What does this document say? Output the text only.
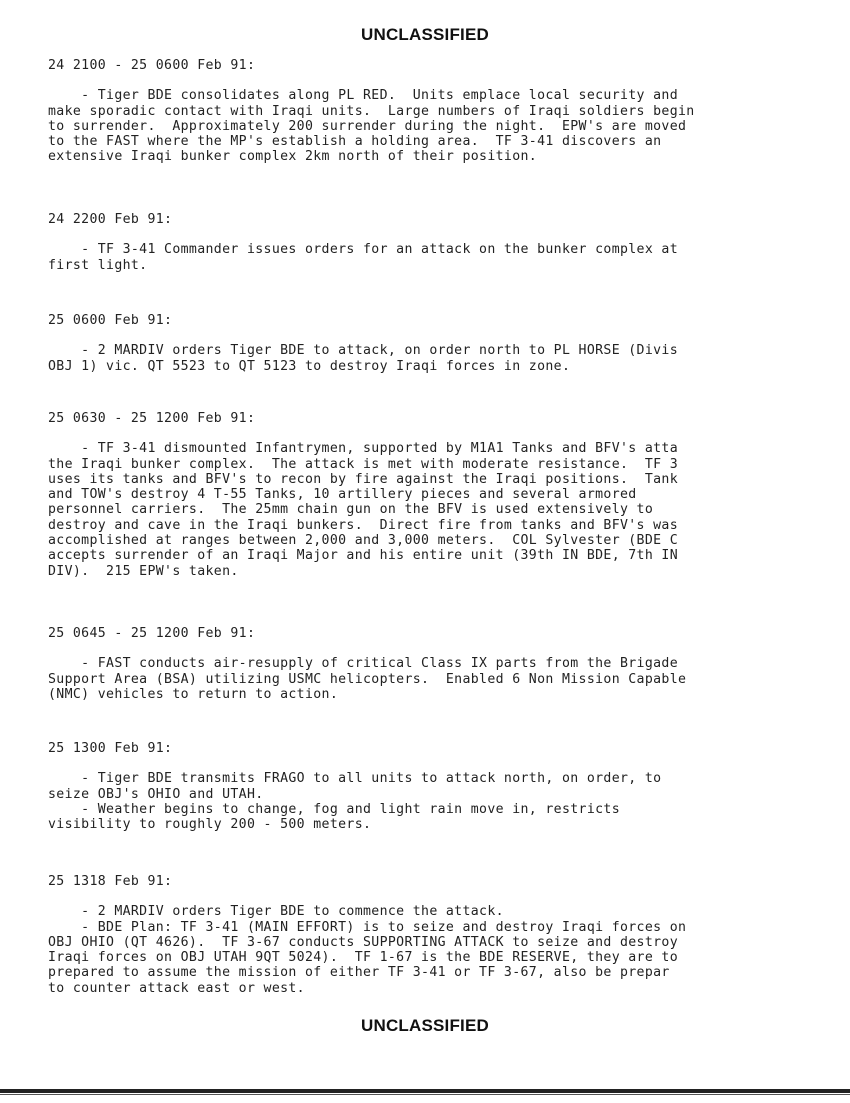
UNCLASSIFIED
24 2100 - 25 0600 Feb 91:
- Tiger BDE consolidates along PL RED.  Units emplace local security and
make sporadic contact with Iraqi units.  Large numbers of Iraqi soldiers begin
to surrender.  Approximately 200 surrender during the night.  EPW's are moved
to the FAST where the MP's establish a holding area.  TF 3-41 discovers an
extensive Iraqi bunker complex 2km north of their position.
24 2200 Feb 91:
- TF 3-41 Commander issues orders for an attack on the bunker complex at
first light.
25 0600 Feb 91:
- 2 MARDIV orders Tiger BDE to attack, on order north to PL HORSE (Divis
OBJ 1) vic. QT 5523 to QT 5123 to destroy Iraqi forces in zone.
25 0630 - 25 1200 Feb 91:
- TF 3-41 dismounted Infantrymen, supported by M1A1 Tanks and BFV's atta
the Iraqi bunker complex.  The attack is met with moderate resistance.  TF 3
uses its tanks and BFV's to recon by fire against the Iraqi positions.  Tank
and TOW's destroy 4 T-55 Tanks, 10 artillery pieces and several armored
personnel carriers.  The 25mm chain gun on the BFV is used extensively to
destroy and cave in the Iraqi bunkers.  Direct fire from tanks and BFV's was
accomplished at ranges between 2,000 and 3,000 meters.  COL Sylvester (BDE C
accepts surrender of an Iraqi Major and his entire unit (39th IN BDE, 7th IN
DIV).  215 EPW's taken.
25 0645 - 25 1200 Feb 91:
- FAST conducts air-resupply of critical Class IX parts from the Brigade
Support Area (BSA) utilizing USMC helicopters.  Enabled 6 Non Mission Capable
(NMC) vehicles to return to action.
25 1300 Feb 91:
- Tiger BDE transmits FRAGO to all units to attack north, on order, to
seize OBJ's OHIO and UTAH.
- Weather begins to change, fog and light rain move in, restricts
visibility to roughly 200 - 500 meters.
25 1318 Feb 91:
- 2 MARDIV orders Tiger BDE to commence the attack.
- BDE Plan: TF 3-41 (MAIN EFFORT) is to seize and destroy Iraqi forces on
OBJ OHIO (QT 4626).  TF 3-67 conducts SUPPORTING ATTACK to seize and destroy
Iraqi forces on OBJ UTAH 9QT 5024).  TF 1-67 is the BDE RESERVE, they are to
prepared to assume the mission of either TF 3-41 or TF 3-67, also be prepar
to counter attack east or west.
UNCLASSIFIED
